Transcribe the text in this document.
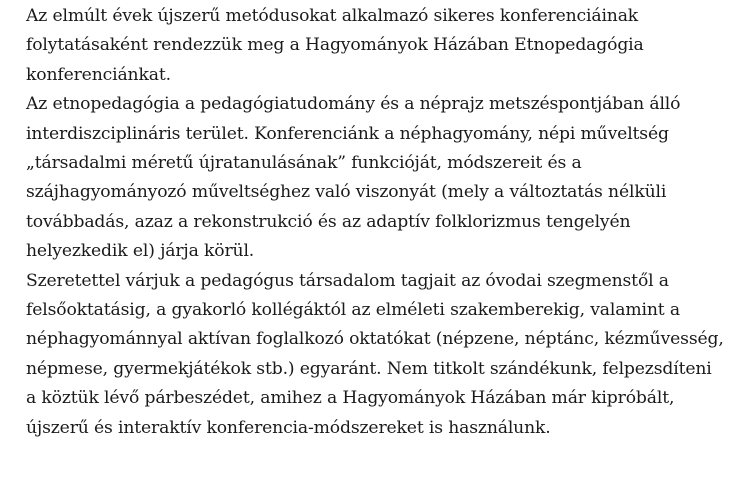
Az elmúlt évek újszerű metódusokat alkalmazó sikeres konferenciáinak folytatásaként rendezzük meg a Hagyományok Házában Etnopedagógia konferenciánkat.

Az etnopedagógia a pedagógiatudomány és a néprajz metszéspontjában álló interdiszciplináris terület. Konferenciánk a néphagyomány, népi műveltség „társadalmi méretű újratanulásának” funkcióját, módszereit és a szájhagyományozó műveltséghez való viszonyát (mely a változtatás nélküli továbbadás, azaz a rekonstrukció és az adaptív folklorizmus tengelyén helyezkedik el) járja körül.

Szeretettel várjuk a pedagógus társadalom tagjait az óvodai szegmenstől a felsőoktatásig, a gyakorló kollégáktól az elméleti szakemberekig, valamint a néphagyománnyal aktívan foglalkozó oktatókat (népzene, néptánc, kézművesség, népmese, gyermekjátékok stb.) egyaránt. Nem titkolt szándékunk, felpezsdíteni a köztük lévő párbeszédet, amihez a Hagyományok Házában már kipróbált, újszerű és interaktív konferencia-módszereket is használunk.
